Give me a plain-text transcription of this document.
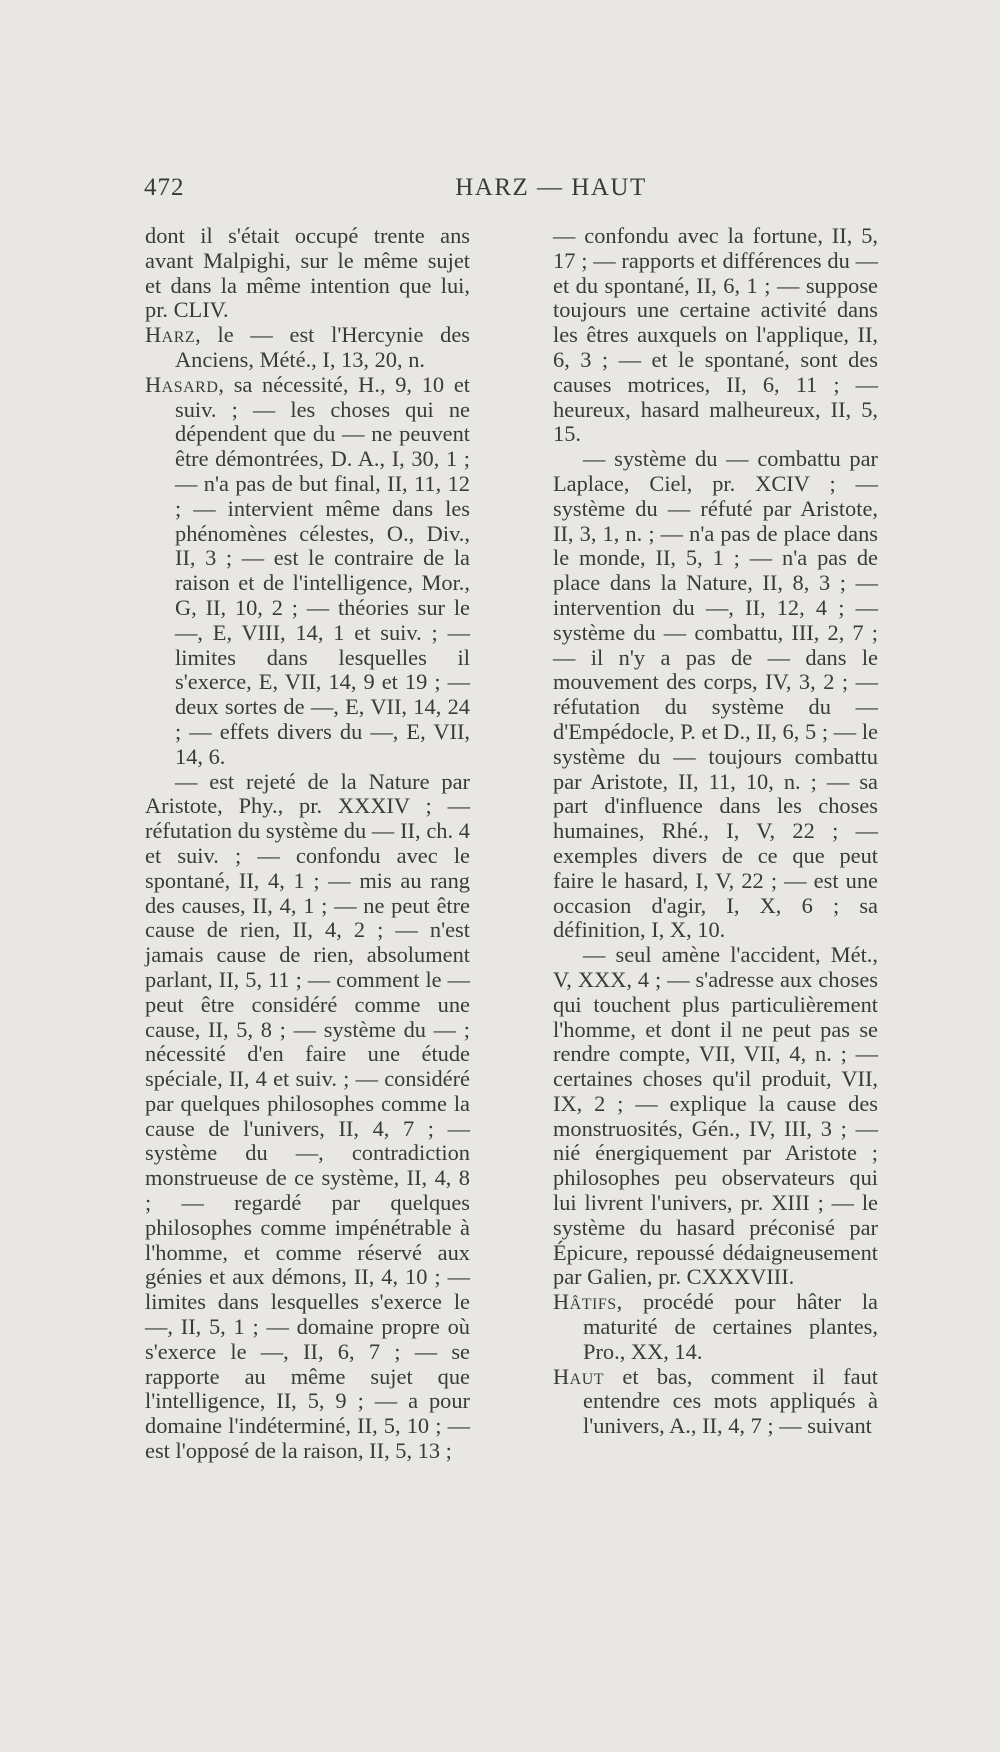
472	HARZ — HAUT

dont il s'était occupé trente ans avant Malpighi, sur le même sujet et dans la même intention que lui, pr. CLIV.

Harz, le — est l'Hercynie des Anciens, Mété., I, 13, 20, n.

Hasard, sa nécessité, H., 9, 10 et suiv. ; — les choses qui ne dépendent que du — ne peuvent être démontrées, D. A., I, 30, 1 ; — n'a pas de but final, II, 11, 12 ; — intervient même dans les phénomènes célestes, O., Div., II, 3 ; — est le contraire de la raison et de l'intelligence, Mor., G, II, 10, 2 ; — théories sur le —, E, VIII, 14, 1 et suiv. ; — limites dans lesquelles il s'exerce, E, VII, 14, 9 et 19 ; — deux sortes de —, E, VII, 14, 24 ; — effets divers du —, E, VII, 14, 6.

— est rejeté de la Nature par Aristote, Phy., pr. XXXIV ; — réfutation du système du — II, ch. 4 et suiv. ; — confondu avec le spontané, II, 4, 1 ; — mis au rang des causes, II, 4, 1 ; — ne peut être cause de rien, II, 4, 2 ; — n'est jamais cause de rien, absolument parlant, II, 5, 11 ; — comment le — peut être considéré comme une cause, II, 5, 8 ; — système du — ; nécessité d'en faire une étude spéciale, II, 4 et suiv. ; — considéré par quelques philosophes comme la cause de l'univers, II, 4, 7 ; — système du —, contradiction monstrueuse de ce système, II, 4, 8 ; — regardé par quelques philosophes comme impénétrable à l'homme, et comme réservé aux génies et aux démons, II, 4, 10 ; — limites dans lesquelles s'exerce le —, II, 5, 1 ; — domaine propre où s'exerce le —, II, 6, 7 ; — se rapporte au même sujet que l'intelligence, II, 5, 9 ; — a pour domaine l'indéterminé, II, 5, 10 ; — est l'opposé de la raison, II, 5, 13 ;

— confondu avec la fortune, II, 5, 17 ; — rapports et différences du — et du spontané, II, 6, 1 ; — suppose toujours une certaine activité dans les êtres auxquels on l'applique, II, 6, 3 ; — et le spontané, sont des causes motrices, II, 6, 11 ; — heureux, hasard malheureux, II, 5, 15.

— système du — combattu par Laplace, Ciel, pr. XCIV ; — système du — réfuté par Aristote, II, 3, 1, n. ; — n'a pas de place dans le monde, II, 5, 1 ; — n'a pas de place dans la Nature, II, 8, 3 ; — intervention du —, II, 12, 4 ; — système du — combattu, III, 2, 7 ; — il n'y a pas de — dans le mouvement des corps, IV, 3, 2 ; — réfutation du système du — d'Empédocle, P. et D., II, 6, 5 ; — le système du — toujours combattu par Aristote, II, 11, 10, n. ; — sa part d'influence dans les choses humaines, Rhé., I, V, 22 ; — exemples divers de ce que peut faire le hasard, I, V, 22 ; — est une occasion d'agir, I, X, 6 ; sa définition, I, X, 10.

— seul amène l'accident, Mét., V, XXX, 4 ; — s'adresse aux choses qui touchent plus particulièrement l'homme, et dont il ne peut pas se rendre compte, VII, VII, 4, n. ; — certaines choses qu'il produit, VII, IX, 2 ; — explique la cause des monstruosités, Gén., IV, III, 3 ; — nié énergiquement par Aristote ; philosophes peu observateurs qui lui livrent l'univers, pr. XIII ; — le système du hasard préconisé par Épicure, repoussé dédaigneusement par Galien, pr. CXXXVIII.

Hâtifs, procédé pour hâter la maturité de certaines plantes, Pro., XX, 14.

Haut et bas, comment il faut entendre ces mots appliqués à l'univers, A., II, 4, 7 ; — suivant
